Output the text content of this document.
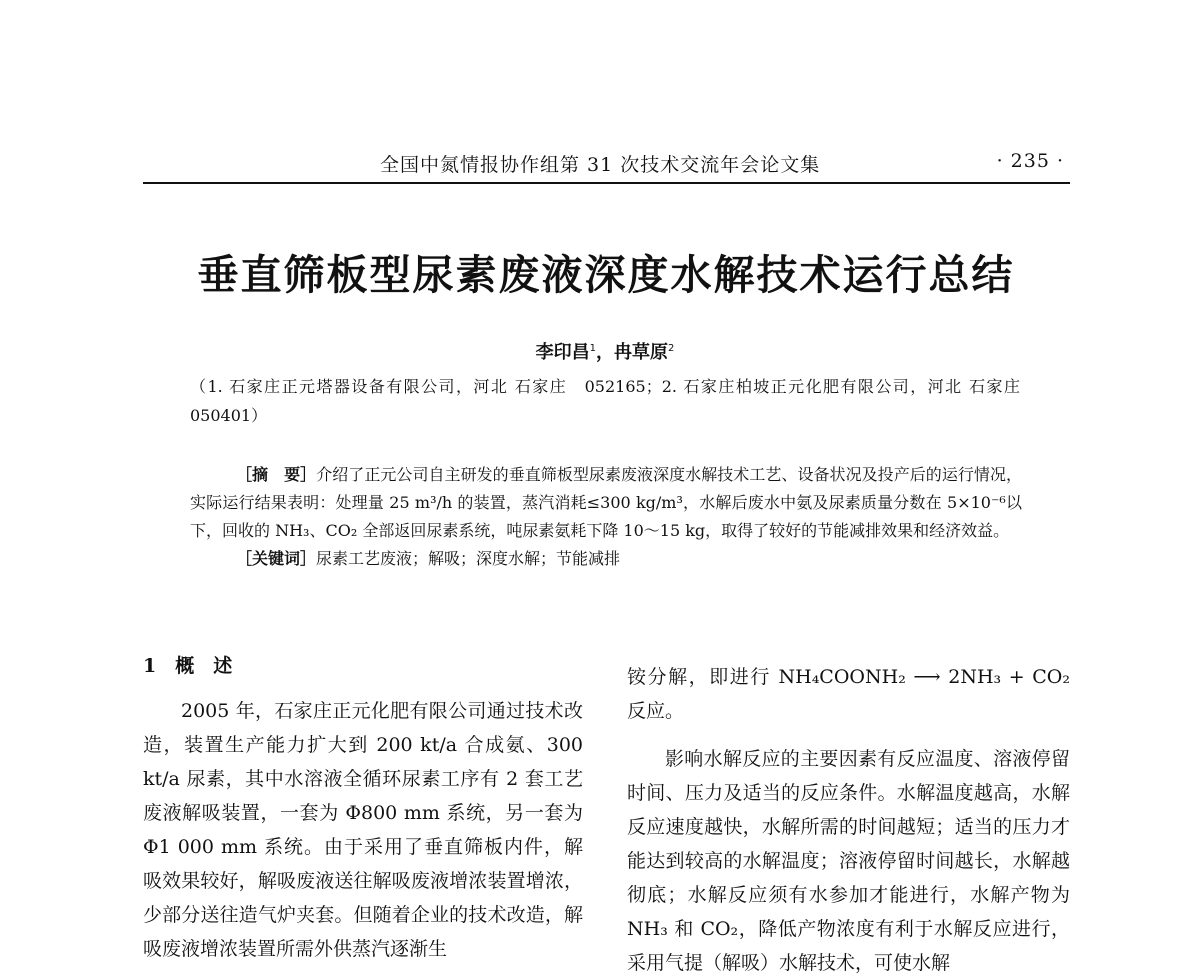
全国中氮情报协作组第 31 次技术交流年会论文集	· 235 ·
垂直筛板型尿素废液深度水解技术运行总结
李印昌$^1$，冉草原$^2$
（1. 石家庄正元塔器设备有限公司，河北 石家庄　052165；2. 石家庄柏坡正元化肥有限公司，河北 石家庄　050401）

［摘　要］介绍了正元公司自主研发的垂直筛板型尿素废液深度水解技术工艺、设备状况及投产后的运行情况，实际运行结果表明：处理量 25 m³/h 的装置，蒸汽消耗≤300 kg/m³，水解后废水中氨及尿素质量分数在 5×10⁻⁶以下，回收的 NH₃、CO₂ 全部返回尿素系统，吨尿素氨耗下降 10～15 kg，取得了较好的节能减排效果和经济效益。

［关键词］尿素工艺废液；解吸；深度水解；节能减排

1　概　述

2005 年，石家庄正元化肥有限公司通过技术改造，装置生产能力扩大到 200 kt/a 合成氨、300 kt/a 尿素，其中水溶液全循环尿素工序有 2 套工艺废液解吸装置，一套为 Φ800 mm 系统，另一套为 Φ1 000 mm 系统。由于采用了垂直筛板内件，解吸效果较好，解吸废液送往解吸废液增浓装置增浓，少部分送往造气炉夹套。但随着企业的技术改造，解吸废液增浓装置所需外供蒸汽逐渐生

铵分解，即进行 NH₄COONH₂ ⟶ 2NH₃ + CO₂ 反应。

影响水解反应的主要因素有反应温度、溶液停留时间、压力及适当的反应条件。水解温度越高，水解反应速度越快，水解所需的时间越短；适当的压力才能达到较高的水解温度；溶液停留时间越长，水解越彻底；水解反应须有水参加才能进行，水解产物为 NH₃ 和 CO₂，降低产物浓度有利于水解反应进行，采用气提（解吸）水解技术，可使水解
